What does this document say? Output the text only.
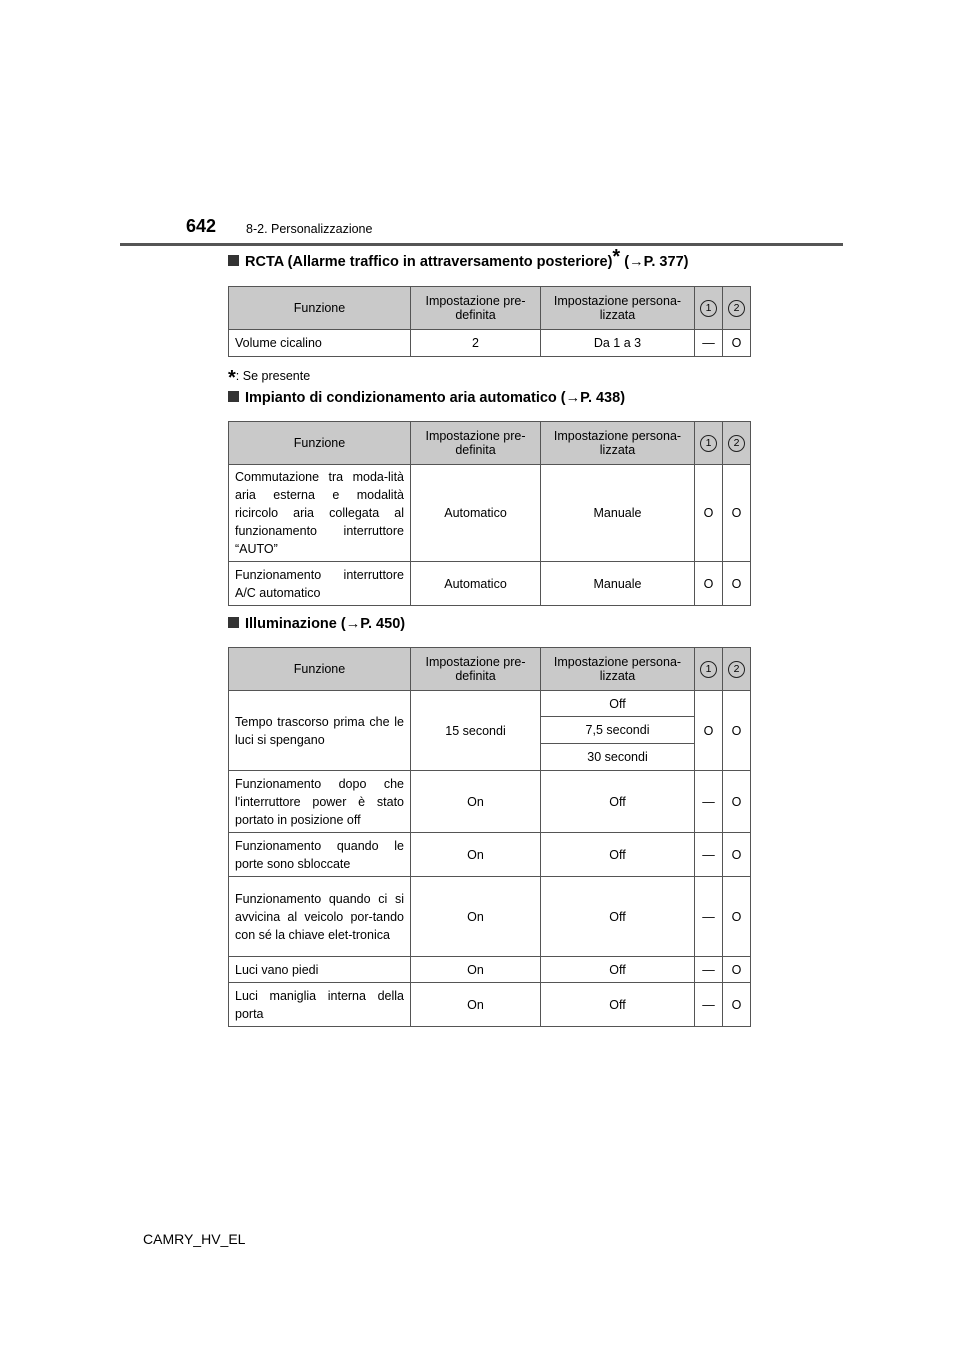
642 8-2. Personalizzazione
RCTA (Allarme traffico in attraversamento posteriore)* (→P. 377)
Funzione	Impostazione pre-definita	Impostazione persona-lizzata	1	2
Volume cicalino	2	Da 1 a 3	—	O
*: Se presente
Impianto di condizionamento aria automatico (→P. 438)
Funzione	Impostazione pre-definita	Impostazione persona-lizzata	1	2
Commutazione tra moda-lità aria esterna e modalità ricircolo aria collegata al funzionamento interruttore “AUTO”	Automatico	Manuale	O	O
Funzionamento interruttore A/C automatico	Automatico	Manuale	O	O
Illuminazione (→P. 450)
Funzione	Impostazione pre-definita	Impostazione persona-lizzata	1	2
Tempo trascorso prima che le luci si spengano	15 secondi	Off	O	O
		7,5 secondi		
		30 secondi		
Funzionamento dopo che l'interruttore power è stato portato in posizione off	On	Off	—	O
Funzionamento quando le porte sono sbloccate	On	Off	—	O
Funzionamento quando ci si avvicina al veicolo por-tando con sé la chiave elet-tronica	On	Off	—	O
Luci vano piedi	On	Off	—	O
Luci maniglia interna della porta	On	Off	—	O
CAMRY_HV_EL
